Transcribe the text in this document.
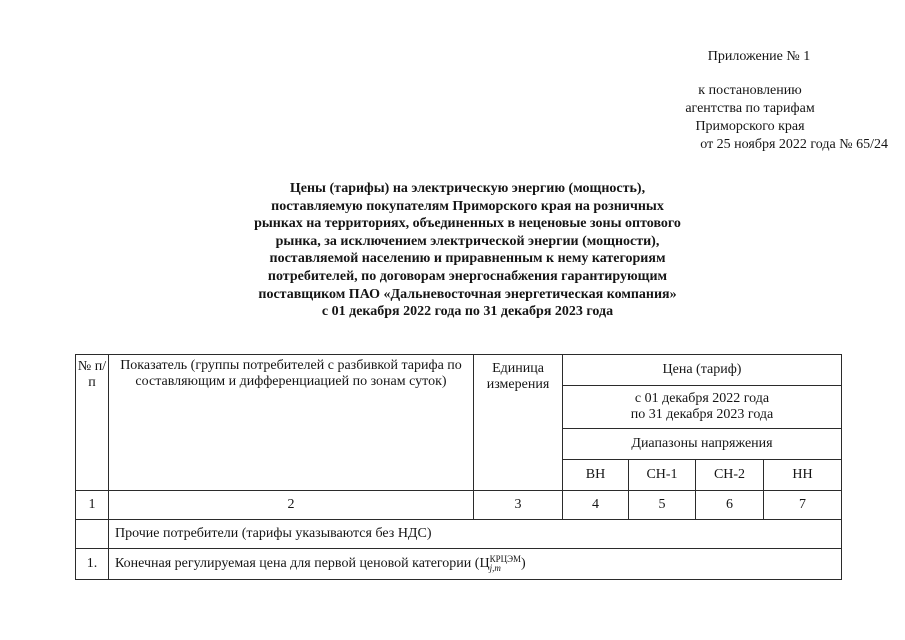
Приложение № 1
к постановлению
агентства по тарифам
Приморского края
от 25 ноября 2022 года № 65/24
Цены (тарифы) на электрическую энергию (мощность),
поставляемую покупателям Приморского края на розничных
рынках на территориях, объединенных в неценовые зоны оптового
рынка, за исключением электрической энергии (мощности),
поставляемой населению и приравненным к нему категориям
потребителей, по договорам энергоснабжения гарантирующим
поставщиком ПАО «Дальневосточная энергетическая компания»
с 01 декабря 2022 года по 31 декабря 2023 года
№ п/п	Показатель (группы потребителей с разбивкой тарифа по составляющим и дифференциацией по зонам суток)	Единица измерения	Цена (тариф)			
			с 01 декабря 2022 года
по 31 декабря 2023 года			
			Диапазоны напряжения			
			ВН	СН-1	СН-2	НН
1	2	3	4	5	6	7
	Прочие потребители (тарифы указываются без НДС)					
1.	Конечная регулируемая цена для первой ценовой категории (Ц КРЦЭМ
j,m )					
